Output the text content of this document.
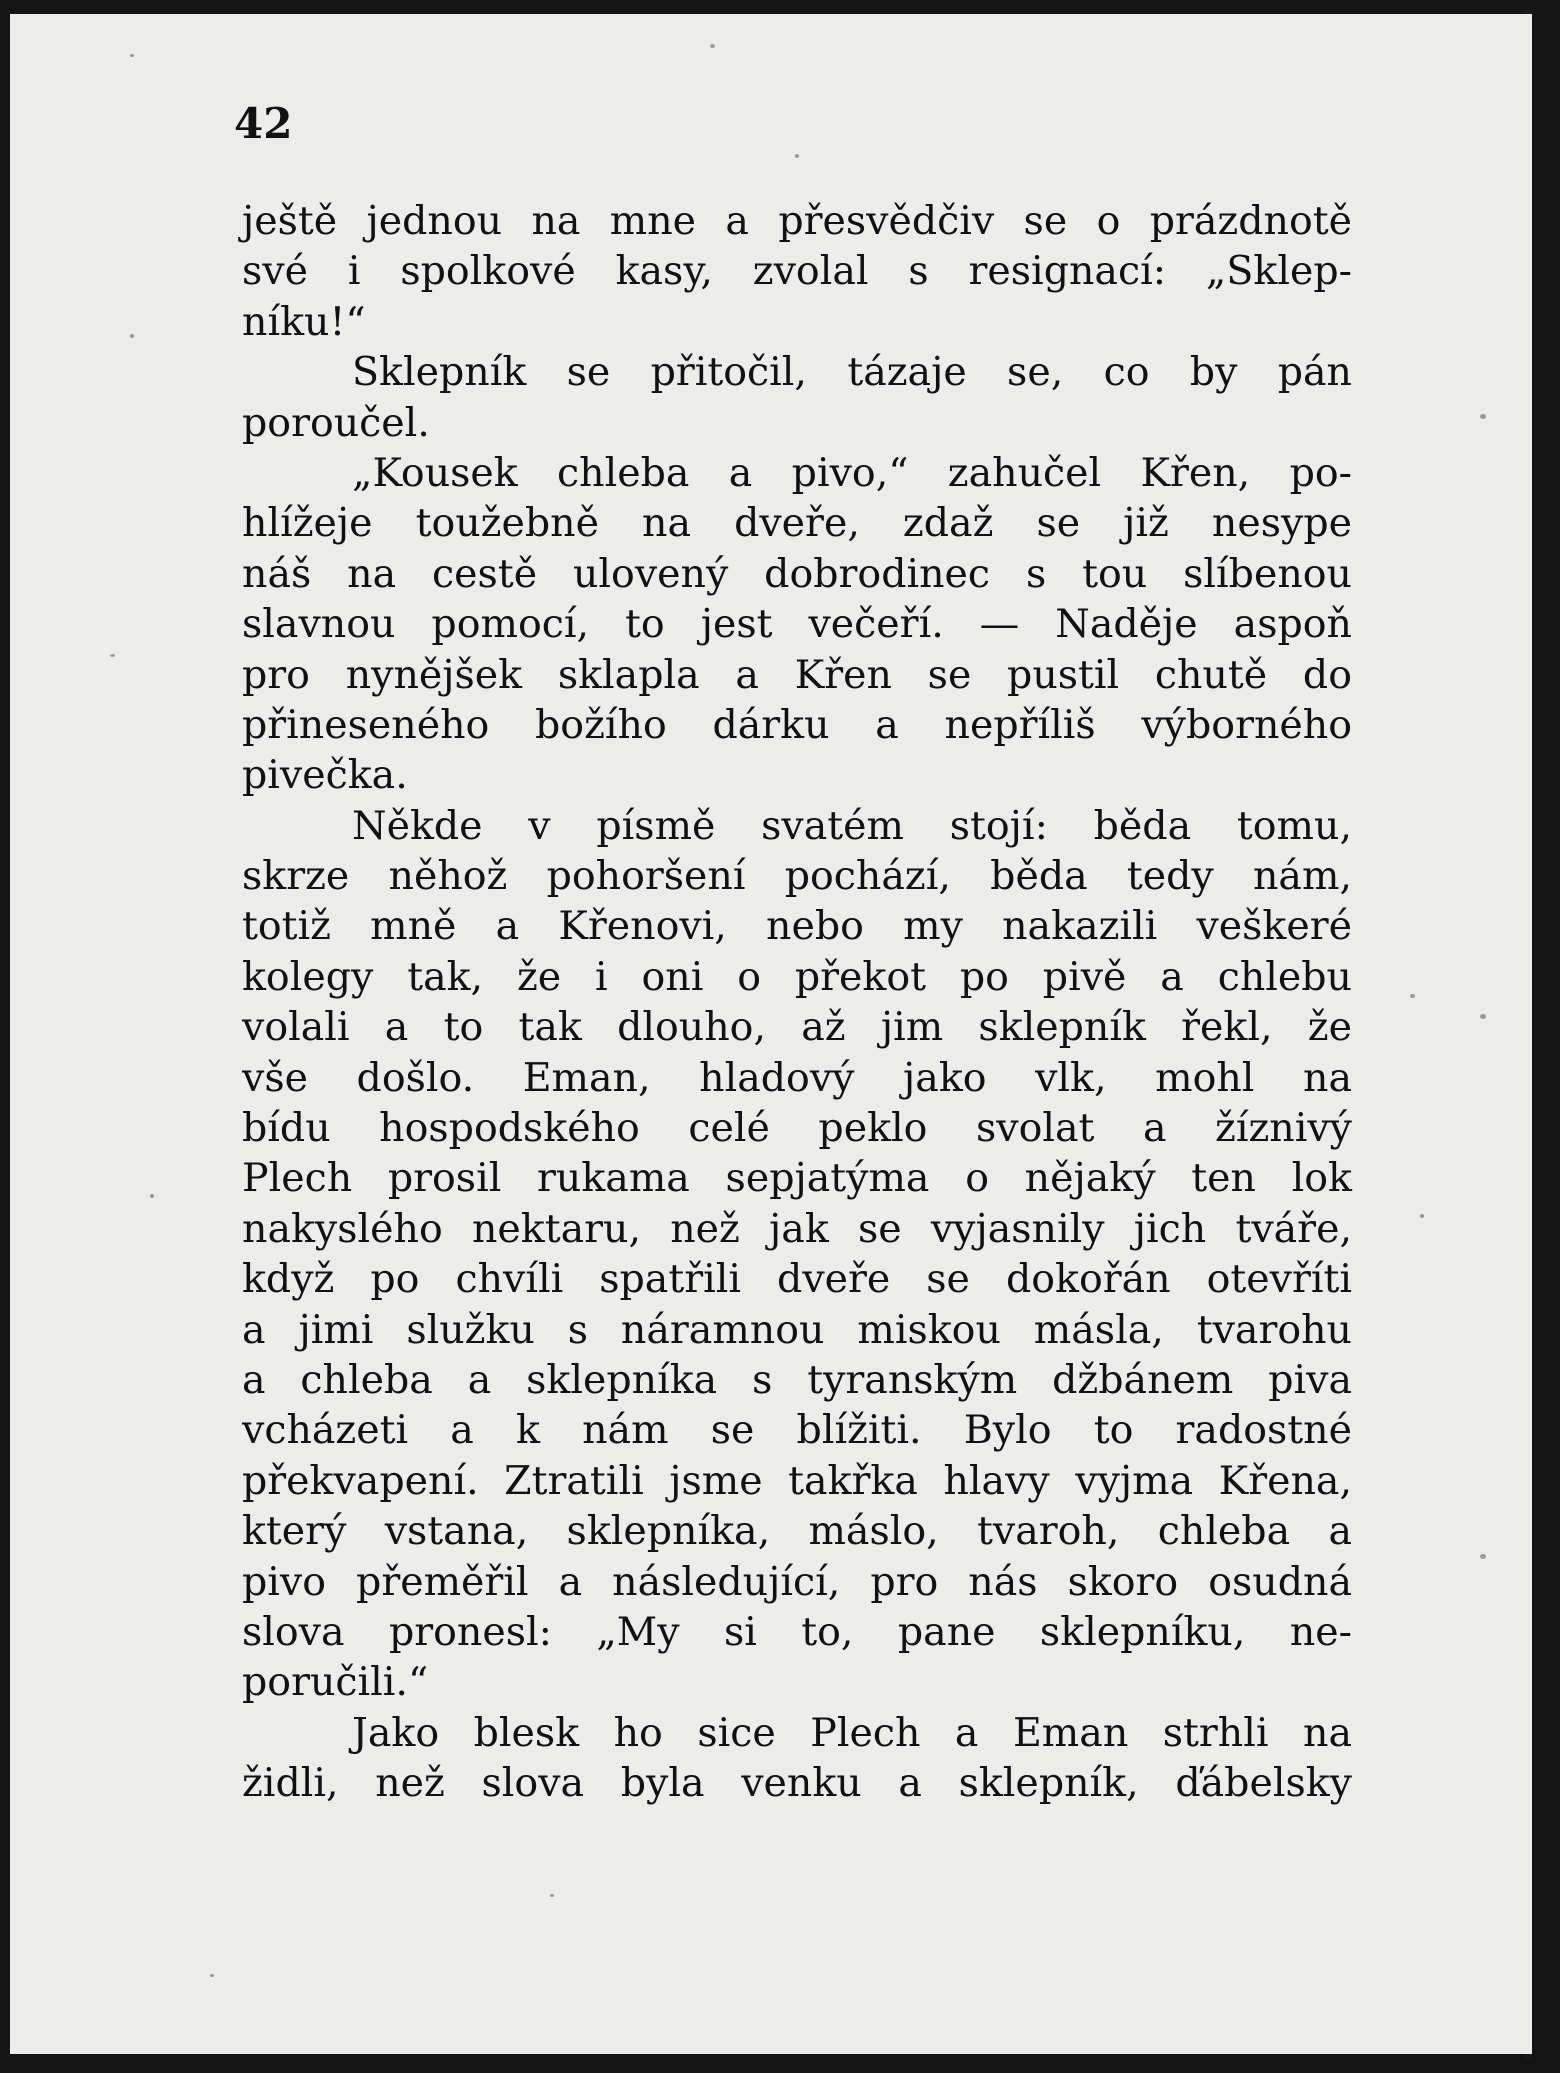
42

ještě jednou na mne a přesvědčiv se o prázdnotě
své i spolkové kasy, zvolal s resignací: „Sklep-
níku!“
Sklepník se přitočil, tázaje se, co by pán
poroučel.
„Kousek chleba a pivo,“ zahučel Křen, po-
hlížeje toužebně na dveře, zdaž se již nesype
náš na cestě ulovený dobrodinec s tou slíbenou
slavnou pomocí, to jest večeří. — Naděje aspoň
pro nynějšek sklapla a Křen se pustil chutě do
přineseného božího dárku a nepříliš výborného
pivečka.
Někde v písmě svatém stojí: běda tomu,
skrze něhož pohoršení pochází, běda tedy nám,
totiž mně a Křenovi, nebo my nakazili veškeré
kolegy tak, že i oni o překot po pivě a chlebu
volali a to tak dlouho, až jim sklepník řekl, že
vše došlo. Eman, hladový jako vlk, mohl na
bídu hospodského celé peklo svolat a žíznivý
Plech prosil rukama sepjatýma o nějaký ten lok
nakyslého nektaru, než jak se vyjasnily jich tváře,
když po chvíli spatřili dveře se dokořán otevříti
a jimi služku s náramnou miskou másla, tvarohu
a chleba a sklepníka s tyranským džbánem piva
vcházeti a k nám se blížiti. Bylo to radostné
překvapení. Ztratili jsme takřka hlavy vyjma Křena,
který vstana, sklepníka, máslo, tvaroh, chleba a
pivo přeměřil a následující, pro nás skoro osudná
slova pronesl: „My si to, pane sklepníku, ne-
poručili.“
Jako blesk ho sice Plech a Eman strhli na
židli, než slova byla venku a sklepník, ďábelsky
